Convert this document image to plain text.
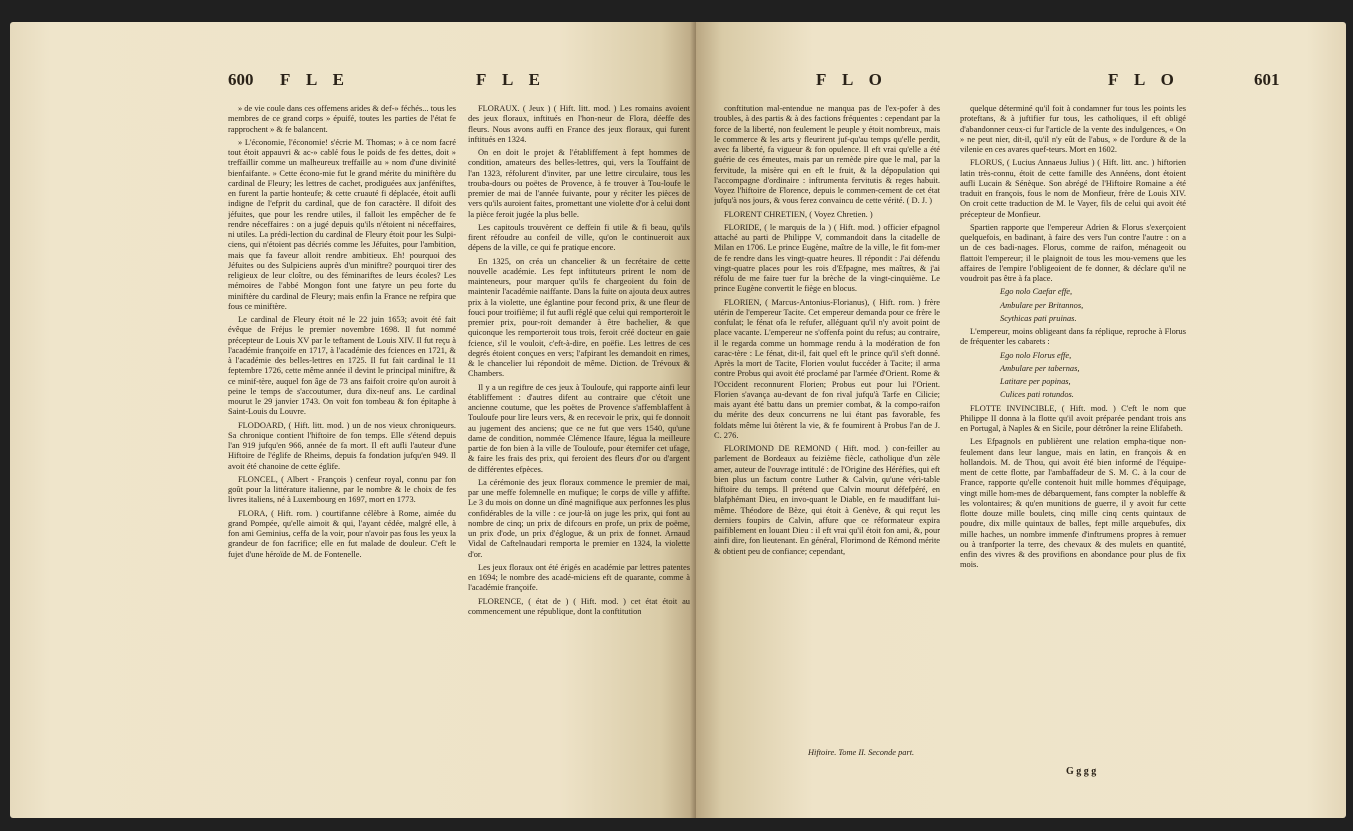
600 F L E	F L E

» de vie coule dans ces offemens arides & def-» féchés... tous les membres de ce grand corps » épuifé, toutes les parties de l'état fe rapprochent » & fe balancent.

» L'économie, l'économie! s'écrie M. Thomas; » à ce nom facré tout étoit appauvri & ac-» cablé fous le poids de fes dettes, doit » treffaillir comme un malheureux treffaille au » nom d'une divinité bienfaifante. » Cette écono-mie fut le grand mérite du miniftère du cardinal de Fleury; les lettres de cachet, prodiguées aux janféniftes, en furent la partie honteufe; & cette cruauté fi déplacée, étoit aufli indigne de l'efprit du cardinal, que de fon caractère. Il difoit des jéfuites, que pour les rendre utiles, il falloit les empêcher de fe rendre néceffaires : on a jugé depuis qu'ils n'étoient ni néceffaires, ni utiles. La prédi-lection du cardinal de Fleury étoit pour les Sulpi-ciens, qui n'étoient pas décriés comme les Jéfuites, pour l'ambition, mais que fa faveur alloit rendre ambitieux. Eh! pourquoi des Jéfuites ou des Sulpiciens auprès d'un miniftre? pourquoi tirer des religieux de leur cloître, ou des féminariftes de leurs écoles? Les mémoires de l'abbé Mongon font une fatyre un peu forte du miniftère du cardinal de Fleury; mais enfin la France ne refpira que fous ce miniftère.

Le cardinal de Fleury étoit né le 22 juin 1653; avoit été fait évêque de Fréjus le premier novembre 1698. Il fut nommé précepteur de Louis XV par le teftament de Louis XIV. Il fut reçu à l'académie françoife en 1717, à l'académie des fciences en 1721, & à l'académie des belles-lettres en 1725. Il fut fait cardinal le 11 feptembre 1726, cette même année il devint le principal miniftre, & ce minif-tère, auquel fon âge de 73 ans faifoit croire qu'on auroit à peine le temps de s'accoutumer, dura dix-neuf ans. Le cardinal mourut le 29 janvier 1743. On voit fon tombeau & fon épitaphe à Saint-Louis du Louvre.

FLODOARD, ( Hift. litt. mod. ) un de nos vieux chroniqueurs. Sa chronique contient l'hiftoire de fon temps. Elle s'étend depuis l'an 919 jufqu'en 966, année de fa mort. Il eft aufli l'auteur d'une Hiftoire de l'églife de Rheims, depuis fa fondation jufqu'en 949. Il avoit été chanoine de cette églife.

FLONCEL, ( Albert - François ) cenfeur royal, connu par fon goût pour la littérature italienne, par le nombre & le choix de fes livres italiens, né à Luxembourg en 1697, mort en 1773.

FLORA, ( Hift. rom. ) courtifanne célèbre à Rome, aimée du grand Pompée, qu'elle aimoit & qui, l'ayant cédée, malgré elle, à fon ami Geminius, ceffa de la voir, pour n'avoir pas fous les yeux la grandeur de fon facrifice; elle en fut malade de douleur. C'eft le fujet d'une héroïde de M. de Fontenelle.

FLORAUX. ( Jeux ) ( Hift. litt. mod. ) Les romains avoient des jeux floraux, inftitués en l'hon-neur de Flora, déeffe des fleurs. Nous avons auffi en France des jeux floraux, qui furent inftitués en 1324.

On en doit le projet & l'établiffement à fept hommes de condition, amateurs des belles-lettres, qui, vers la Touffaint de l'an 1323, réfolurent d'inviter, par une lettre circulaire, tous les trouba-dours ou poëtes de Provence, à fe trouver à Tou-loufe le premier de mai de l'année fuivante, pour y réciter les pièces de vers qu'ils auroient faites, promettant une violette d'or à celui dont la pièce feroit jugée la plus belle.

Les capitouls trouvèrent ce deffein fi utile & fi beau, qu'ils firent réfoudre au confeil de ville, qu'on le continueroit aux dépens de la ville, ce qui fe pratique encore.

En 1325, on créa un chancelier & un fecrétaire de cette nouvelle académie. Les fept inftituteurs prirent le nom de mainteneurs, pour marquer qu'ils fe chargeoient du foin de maintenir l'académie naiffante. Dans la fuite on ajouta deux autres prix à la violette, une églantine pour fecond prix, & une fleur de fouci pour troifième; il fut aufli réglé que celui qui remporteroit le premier prix, pour-roit demander à être bachelier, & que quiconque les remporteroit tous trois, feroit créé docteur en gaie fcience, s'il le vouloit, c'eft-à-dire, en poëfie. Les lettres de ces degrés étoient conçues en vers; l'afpirant les demandoit en rimes, & le chancelier lui répondoit de même. Diction. de Trévoux & Chambers.

Il y a un regiftre de ces jeux à Touloufe, qui rapporte ainfi leur établiffement : d'autres difent au contraire que c'étoit une ancienne coutume, que les poëtes de Provence s'affemblaffent à Touloufe pour lire leurs vers, & en recevoir le prix, qui fe donnoit au jugement des anciens; que ce ne fut que vers 1540, qu'une dame de condition, nommée Clémence Ifaure, légua la meilleure partie de fon bien à la ville de Touloufe, pour éternifer cet ufage, & faire les frais des prix, qui feroient des fleurs d'or ou d'argent de différentes efpèces.

La cérémonie des jeux floraux commence le premier de mai, par une meffe folemnelle en mufique; le corps de ville y affifte. Le 3 du mois on donne un dîné magnifique aux perfonnes les plus confidérables de la ville : ce jour-là on juge les prix, qui font au nombre de cinq; un prix de difcours en profe, un prix de poëme, un prix d'ode, un prix d'églogue, & un prix de fonnet. Arnaud Vidal de Caftelnaudari remporta le premier en 1324, la violette d'or.

Les jeux floraux ont été érigés en académie par lettres patentes en 1694; le nombre des acadé-miciens eft de quarante, comme à l'académie françoife.

FLORENCE, ( état de ) ( Hift. mod. ) cet état étoit au commencement une république, dont la conftitution

F L O	F L O	601

conftitution mal-entendue ne manqua pas de l'ex-pofer à des troubles, à des partis & à des factions fréquentes : cependant par la force de la liberté, non feulement le peuple y étoit nombreux, mais le commerce & les arts y fleurirent juf-qu'au temps qu'elle perdit, avec fa liberté, fa vigueur & fon opulence. Il eft vrai qu'elle a été guérie de ces émeutes, mais par un remède pire que le mal, par la fervitude, la misère qui en eft le fruit, & la dépopulation qui l'accompagne d'ordinaire : inftrumenta fervitutis & reges habuit. Voyez l'hiftoire de Florence, depuis le commen-cement de cet état jufqu'à nos jours, & vous ferez convaincu de cette vérité. ( D. J. )

FLORENT CHRETIEN, ( Voyez Chretien. )

FLORIDE, ( le marquis de la ) ( Hift. mod. ) officier efpagnol attaché au parti de Philippe V, commandoit dans la citadelle de Milan en 1706. Le prince Eugène, maître de la ville, le fit fom-mer de fe rendre dans les vingt-quatre heures. Il répondit : J'ai défendu vingt-quatre places pour les rois d'Efpagne, mes maîtres, & j'ai réfolu de me faire tuer fur la brèche de la vingt-cinquième. Le prince Eugène convertit le fiège en blocus.

FLORIEN, ( Marcus-Antonius-Florianus), ( Hift. rom. ) frère utérin de l'empereur Tacite. Cet empereur demanda pour ce frère le confulat; le fénat ofa le refufer, alléguant qu'il n'y avoit point de place vacante. L'empereur ne s'offenfa point du refus; au contraire, il le regarda comme un hommage rendu à la modération de fon carac-tère : Le fénat, dit-il, fait quel eft le prince qu'il s'eft donné. Après la mort de Tacite, Florien voulut fuccéder à Tacite; il arma contre Probus qui avoit été proclamé par l'armée d'Orient. Rome & l'Occident reconnurent Florien; Probus eut pour lui l'Orient. Florien s'avança au-devant de fon rival jufqu'à Tarfe en Cilicie; mais ayant été battu dans un premier combat, & la compo-raifon du mérite des deux concurrens ne lui étant pas favorable, fes foldats même lui ôtèrent la vie, & fe foumirent à Probus l'an de J. C. 276.

FLORIMOND DE REMOND ( Hift. mod. ) con-feiller au parlement de Bordeaux au feizième fiècle, catholique d'un zèle amer, auteur de l'ouvrage intitulé : de l'Origine des Héréfies, qui eft bien plus un factum contre Luther & Calvin, qu'une véri-table hiftoire du temps. Il prétend que Calvin mourut défefpéré, en blafphémant Dieu, en invo-quant le Diable, en fe maudiffant lui-même. Théodore de Bèze, qui étoit à Genève, & qui reçut les derniers foupirs de Calvin, affure que ce réformateur expira paifiblement en louant Dieu : il eft vrai qu'il étoit fon ami, &, pour ainfi dire, fon lieutenant. En général, Florimond de Rémond mérite & obtient peu de confiance; cependant,

Hiftoire. Tome II. Seconde part.

quelque déterminé qu'il foit à condamner fur tous les points les proteftans, & à juftifier fur tous, les catholiques, il eft obligé d'abandonner ceux-ci fur l'article de la vente des indulgences, « On » ne peut nier, dit-il, qu'il n'y eût de l'abus, » de l'ordure & de la vilenie en ces avares quef-teurs. Mort en 1602.

FLORUS, ( Lucius Annaeus Julius ) ( Hift. litt. anc. ) hiftorien latin très-connu, étoit de cette famille des Annéens, dont étoient aufli Lucain & Sénèque. Son abrégé de l'Hiftoire Romaine a été traduit en françois, fous le nom de Monfieur, frère de Louis XIV. On croit cette traduction de M. le Vayer, fils de celui qui avoit été précepteur de Monfieur.

Spartien rapporte que l'empereur Adrien & Florus s'exerçoient quelquefois, en badinant, à faire des vers l'un contre l'autre : on a un de ces badi-nages. Florus, comme de raifon, ménageoit ou flattoit l'empereur; il le plaignoit de tous les mou-vemens que les affaires de l'empire l'obligeoient de fe donner, & déclare qu'il ne voudroit pas être à fa place.

Ego nolo Caefar effe,

Ambulare per Britannos,

Scythicas pati pruinas.

L'empereur, moins obligeant dans fa réplique, reproche à Florus de fréquenter les cabarets :

Ego nolo Florus effe,

Ambulare per tabernas,

Latitare per popinas,

Culices pati rotundos.

FLOTTE INVINCIBLE, ( Hift. mod. ) C'eft le nom que Philippe II donna à la flotte qu'il avoit préparée pendant trois ans en Portugal, à Naples & en Sicile, pour détrôner la reine Elifabeth.

Les Efpagnols en publièrent une relation empha-tique non-feulement dans leur langue, mais en latin, en françois & en hollandois. M. de Thou, qui avoit été bien informé de l'équipe-ment de cette flotte, par l'ambaffadeur de S. M. C. à la cour de France, rapporte qu'elle contenoit huit mille hommes d'équipage, vingt mille hom-mes de débarquement, fans compter la nobleffe & les volontaires; & qu'en munitions de guerre, il y avoit fur cette flotte douze mille boulets, cinq mille cinq cents quintaux de poudre, dix mille quintaux de balles, fept mille arquebufes, dix mille haches, un nombre immenfe d'inftrumens propres à remuer ou à tranfporter la terre, des chevaux & des mulets en quantité, enfin des vivres & des provifions en abondance pour plus de fix mois.

G g g g
